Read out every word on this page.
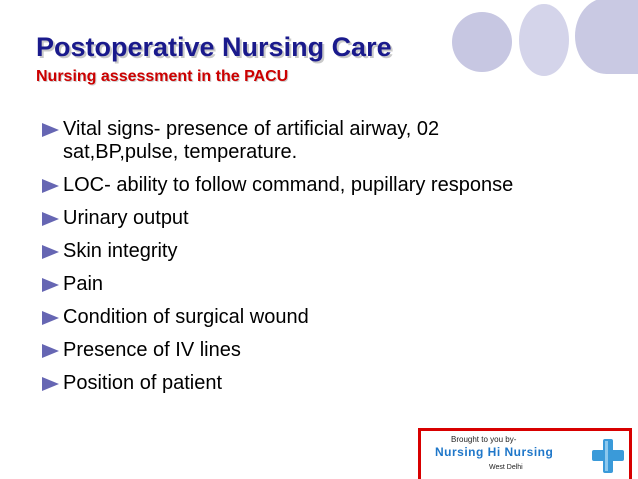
Postoperative Nursing Care
Nursing assessment in the PACU
Vital signs- presence of artificial airway, 02 sat,BP,pulse, temperature.
LOC- ability to follow command, pupillary response
Urinary output
Skin integrity
Pain
Condition of surgical wound
Presence of IV lines
Position of patient
Brought to you by-
Nursing Hi Nursing
West Delhi
